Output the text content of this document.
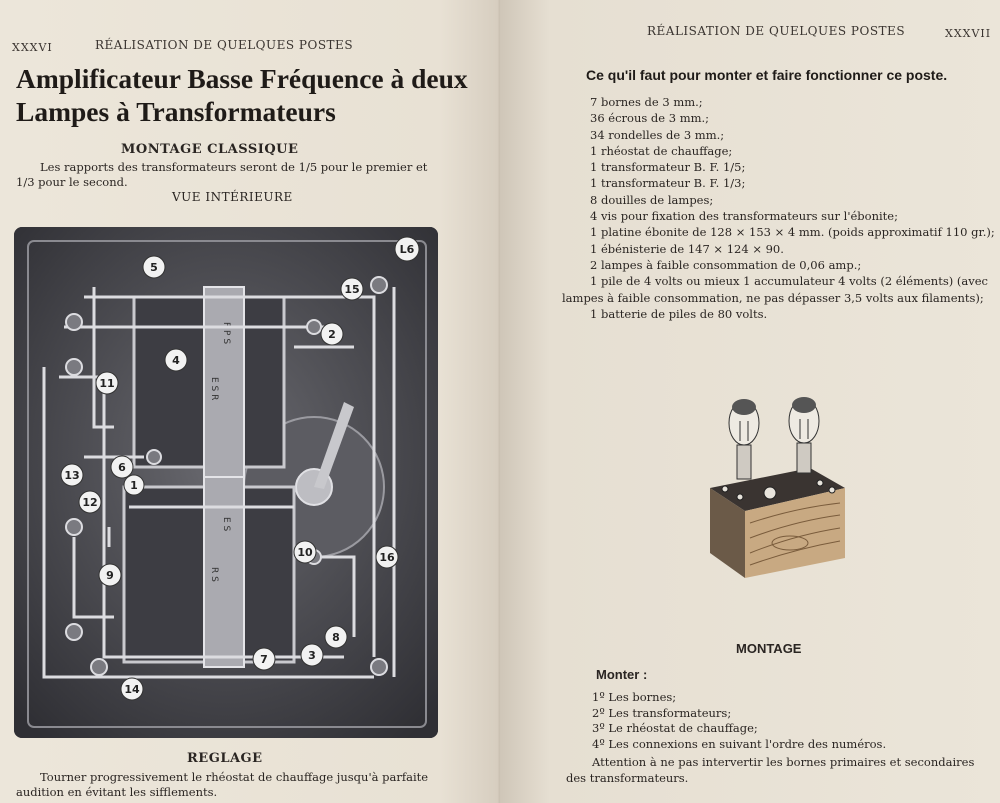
XXXVI	RÉALISATION DE QUELQUES POSTES
Amplificateur Basse Fréquence à deux Lampes à Transformateurs
MONTAGE CLASSIQUE
Les rapports des transformateurs seront de 1/5 pour le premier et 1/3 pour le second.
VUE INTÉRIEURE
F P S
E S R
E S
R S
L6
5
15
2
4
11
6
1
13
12
9
10	16
8
3
7
14
REGLAGE
Tourner progressivement le rhéostat de chauffage jusqu'à parfaite audition en évitant les sifflements.
RÉALISATION DE QUELQUES POSTES	XXXVII
Ce qu'il faut pour monter et faire fonctionner ce poste.
7 bornes de 3 mm.;
36 écrous de 3 mm.;
34 rondelles de 3 mm.;
1 rhéostat de chauffage;
1 transformateur B. F. 1/5;
1 transformateur B. F. 1/3;
8 douilles de lampes;
4 vis pour fixation des transformateurs sur l'ébonite;
1 platine ébonite de 128 × 153 × 4 mm. (poids approximatif 110 gr.);
1 ébénisterie de 147 × 124 × 90.
2 lampes à faible consommation de 0,06 amp.;
1 pile de 4 volts ou mieux 1 accumulateur 4 volts (2 éléments) (avec
lampes à faible consommation, ne pas dépasser 3,5 volts aux filaments);
1 batterie de piles de 80 volts.
MONTAGE
Monter :
1º Les bornes;
2º Les transformateurs;
3º Le rhéostat de chauffage;
4º Les connexions en suivant l'ordre des numéros.
Attention à ne pas intervertir les bornes primaires et secondaires des transformateurs.
